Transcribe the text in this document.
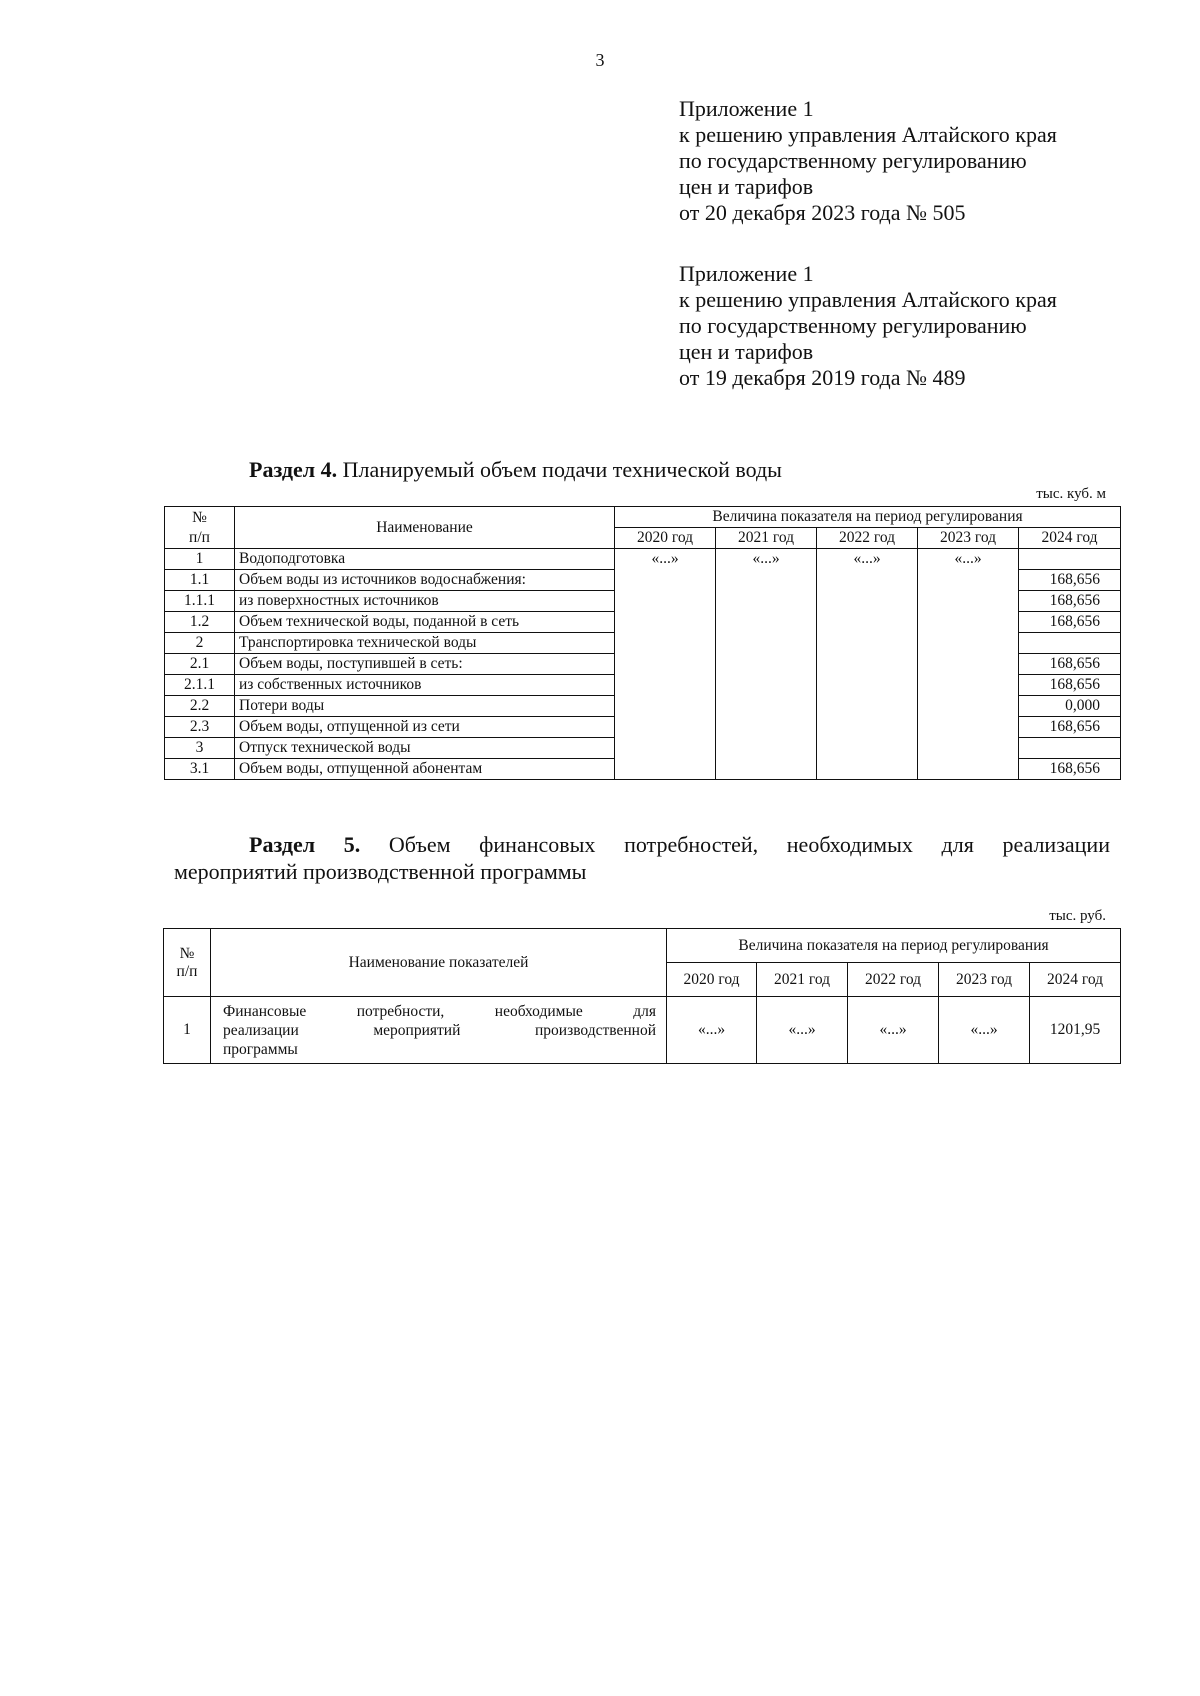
3
Приложение 1
к решению управления Алтайского края
по государственному регулированию
цен и тарифов
от 20 декабря 2023 года № 505
Приложение 1
к решению управления Алтайского края
по государственному регулированию
цен и тарифов
от 19 декабря 2019 года № 489
Раздел 4. Планируемый объем подачи технической воды
тыс. куб. м
№
п/п	Наименование	Величина показателя на период регулирования				
		2020 год	2021 год	2022 год	2023 год	2024 год
1	Водоподготовка	«...»	«...»	«...»	«...»	
1.1	Объем воды из источников водоснабжения:					168,656
1.1.1	из поверхностных источников					168,656
1.2	Объем технической воды, поданной в сеть					168,656
2	Транспортировка технической воды					
2.1	Объем воды, поступившей в сеть:					168,656
2.1.1	из собственных источников					168,656
2.2	Потери воды					0,000
2.3	Объем воды, отпущенной из сети					168,656
3	Отпуск технической воды					
3.1	Объем воды, отпущенной абонентам					168,656
Раздел 5. Объем финансовых потребностей, необходимых для реализации
мероприятий производственной программы
тыс. руб.
№
п/п	Наименование показателей	Величина показателя на период регулирования				
		2020 год	2021 год	2022 год	2023 год	2024 год
1	Финансовые потребности, необходимые для
реализации мероприятий производственной
программы	«...»	«...»	«...»	«...»	1201,95
